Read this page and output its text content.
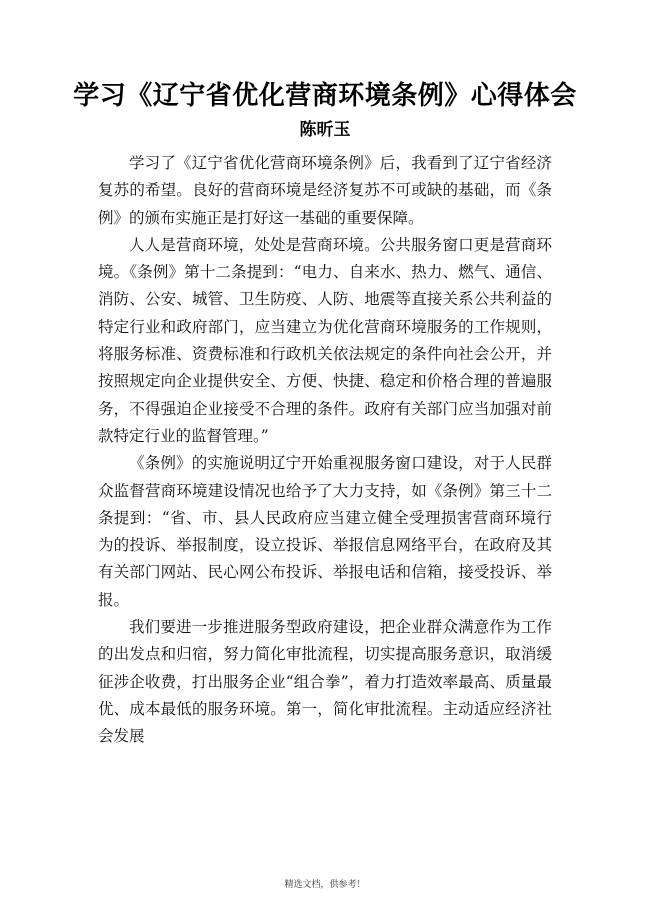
学习《辽宁省优化营商环境条例》心得体会
陈昕玉

学习了《辽宁省优化营商环境条例》后，我看到了辽宁省经济复苏的希望。良好的营商环境是经济复苏不可或缺的基础，而《条例》的颁布实施正是打好这一基础的重要保障。

人人是营商环境，处处是营商环境。公共服务窗口更是营商环境。《条例》第十二条提到：“电力、自来水、热力、燃气、通信、消防、公安、城管、卫生防疫、人防、地震等直接关系公共利益的特定行业和政府部门，应当建立为优化营商环境服务的工作规则，将服务标准、资费标准和行政机关依法规定的条件向社会公开，并按照规定向企业提供安全、方便、快捷、稳定和价格合理的普遍服务，不得强迫企业接受不合理的条件。政府有关部门应当加强对前款特定行业的监督管理。”

《条例》的实施说明辽宁开始重视服务窗口建设，对于人民群众监督营商环境建设情况也给予了大力支持，如《条例》第三十二条提到：“省、市、县人民政府应当建立健全受理损害营商环境行为的投诉、举报制度，设立投诉、举报信息网络平台，在政府及其有关部门网站、民心网公布投诉、举报电话和信箱，接受投诉、举报。

我们要进一步推进服务型政府建设，把企业群众满意作为工作的出发点和归宿，努力简化审批流程，切实提高服务意识，取消缓征涉企收费，打出服务企业“组合拳”，着力打造效率最高、质量最优、成本最低的服务环境。第一，简化审批流程。主动适应经济社会发展

精选文档，供参考！
